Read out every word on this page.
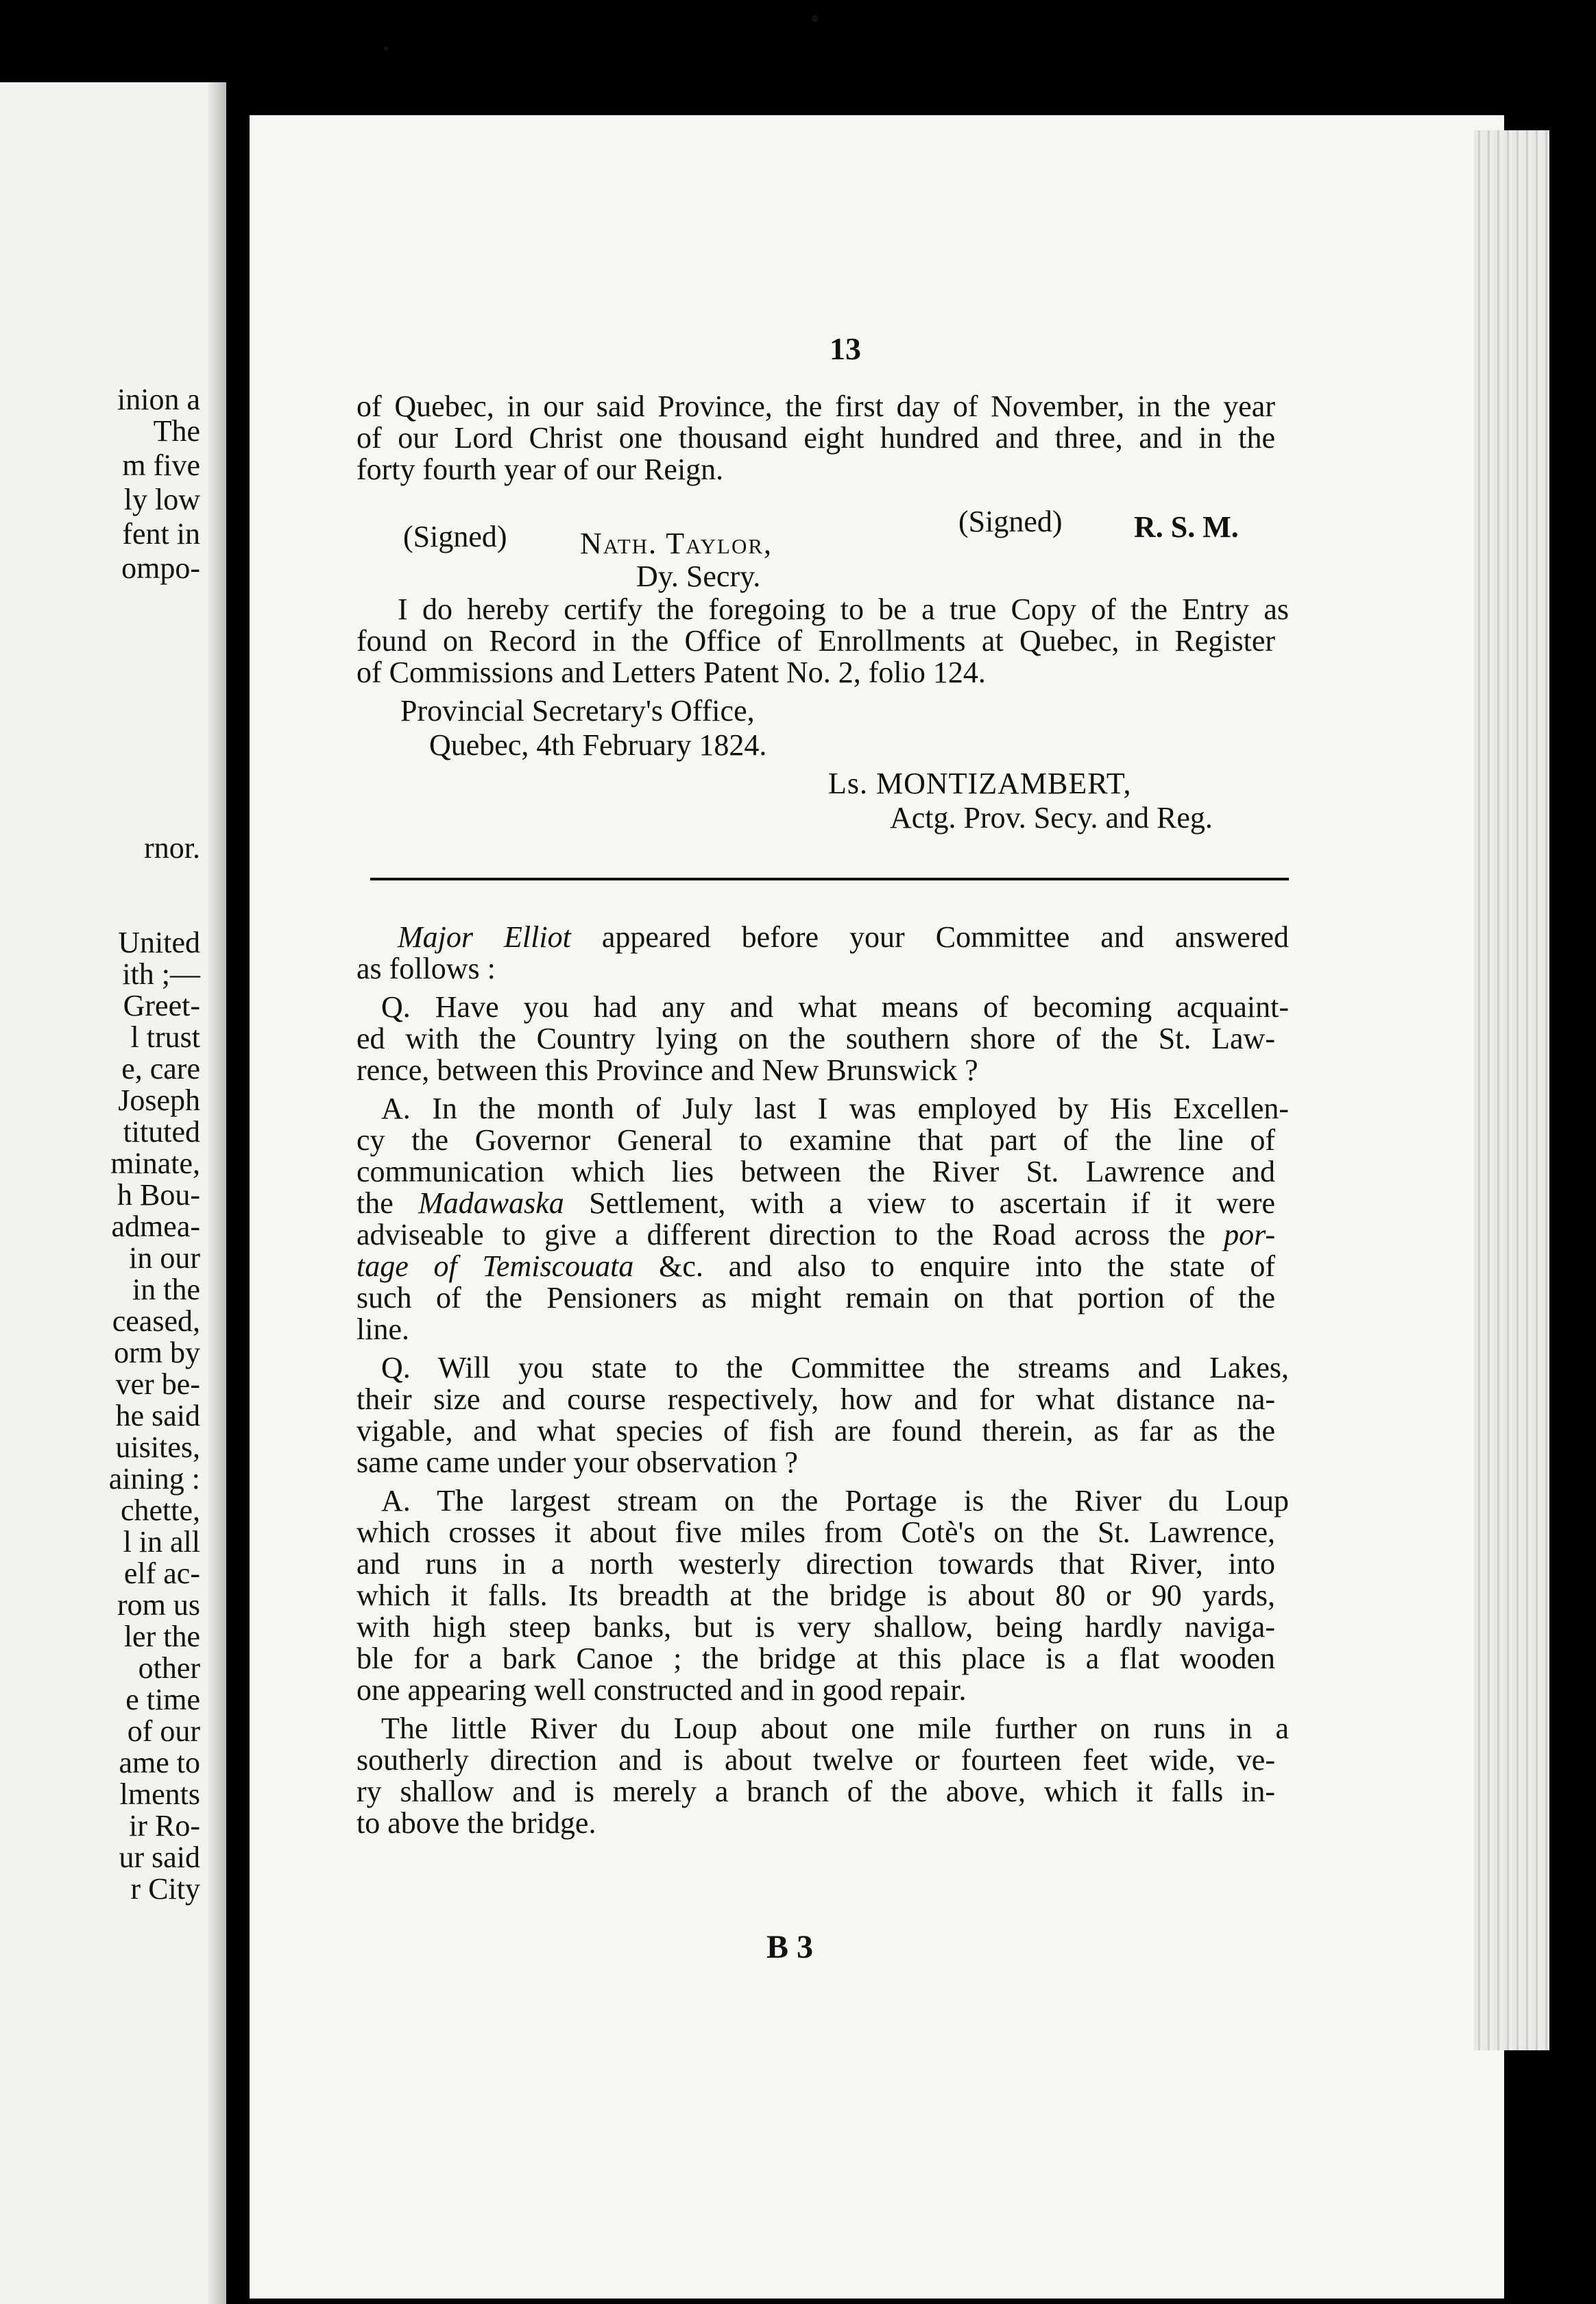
inion a
The
m five
ly low
fent in
ompo-
rnor.
United
ith ;—
Greet-
l trust
e, care
Joseph
tituted
minate,
h Bou-
admea-
in our
in the
ceased,
orm by
ver be-
he said
uisites,
aining :
chette,
l in all
elf ac-
rom us
ler the
other
e time
of our
ame to
lments
ir Ro-
ur said
r City
13
of Quebec, in our said Province, the first day of November, in the year
of our Lord Christ one thousand eight hundred and three, and in the
forty fourth year of our Reign.
(Signed) Nath. Taylor,
Dy. Secry.
(Signed) R. S. M.
I do hereby certify the foregoing to be a true Copy of the Entry as
found on Record in the Office of Enrollments at Quebec, in Register
of Commissions and Letters Patent No. 2, folio 124.
Provincial Secretary's Office,
Quebec, 4th February 1824.
Ls. MONTIZAMBERT,
Actg. Prov. Secy. and Reg.
Major Elliot appeared before your Committee and answered
as follows :
Q. Have you had any and what means of becoming acquaint-
ed with the Country lying on the southern shore of the St. Law-
rence, between this Province and New Brunswick ?
A. In the month of July last I was employed by His Excellen-
cy the Governor General to examine that part of the line of
communication which lies between the River St. Lawrence and
the Madawaska Settlement, with a view to ascertain if it were
adviseable to give a different direction to the Road across the por-
tage of Temiscouata &c. and also to enquire into the state of
such of the Pensioners as might remain on that portion of the
line.
Q. Will you state to the Committee the streams and Lakes,
their size and course respectively, how and for what distance na-
vigable, and what species of fish are found therein, as far as the
same came under your observation ?
A. The largest stream on the Portage is the River du Loup
which crosses it about five miles from Cotè's on the St. Lawrence,
and runs in a north westerly direction towards that River, into
which it falls. Its breadth at the bridge is about 80 or 90 yards,
with high steep banks, but is very shallow, being hardly naviga-
ble for a bark Canoe ; the bridge at this place is a flat wooden
one appearing well constructed and in good repair.
The little River du Loup about one mile further on runs in a
southerly direction and is about twelve or fourteen feet wide, ve-
ry shallow and is merely a branch of the above, which it falls in-
to above the bridge.
B 3
